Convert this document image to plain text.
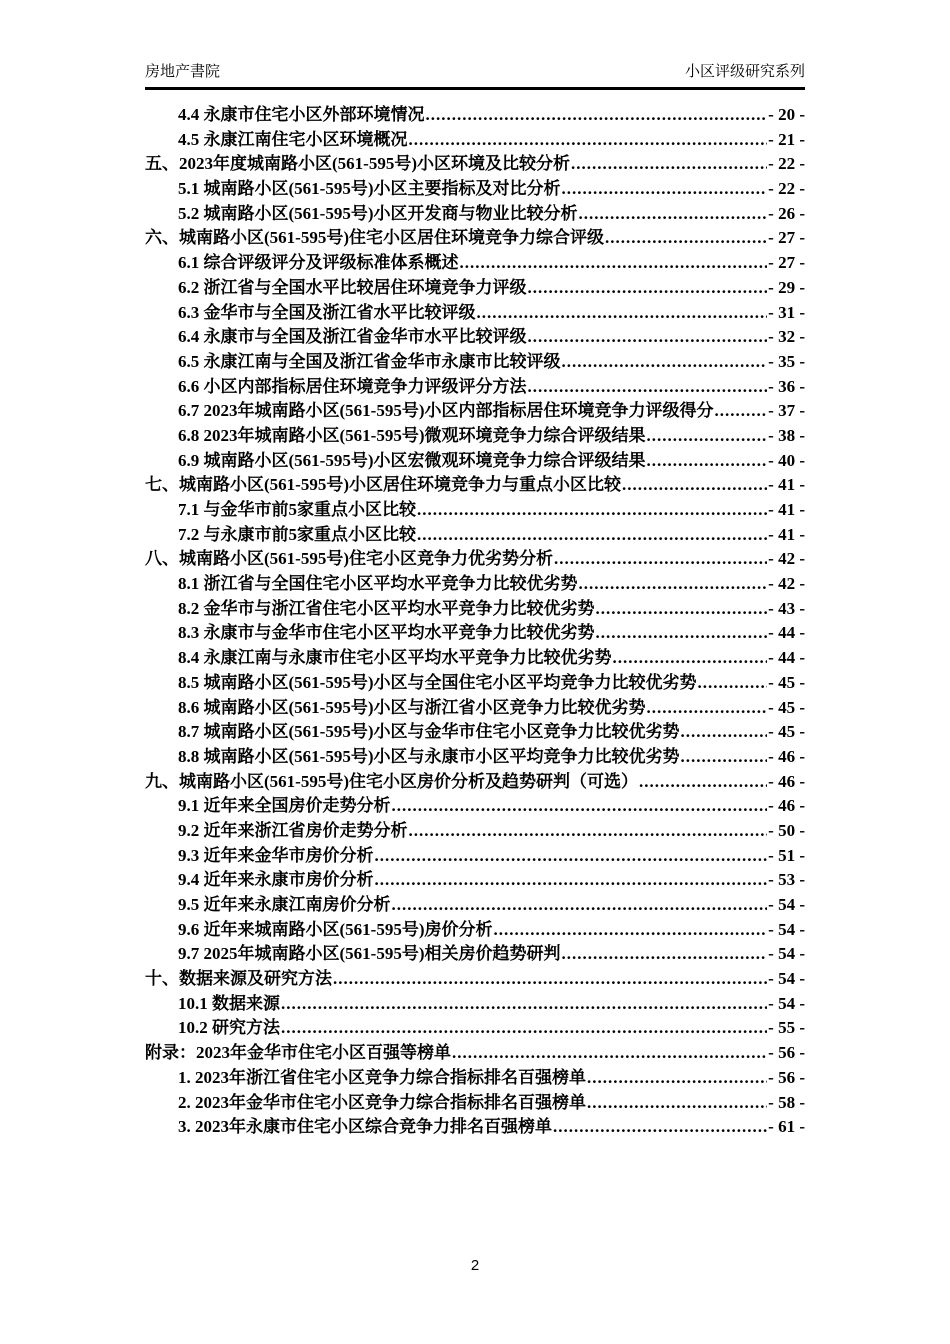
房地产書院	小区评级研究系列
4.4 永康市住宅小区外部环境情况 .....	- 20 -
4.5 永康江南住宅小区环境概况 .....	- 21 -
五、2023年度城南路小区(561-595号)小区环境及比较分析 .....	- 22 -
5.1 城南路小区(561-595号)小区主要指标及对比分析 .....	- 22 -
5.2 城南路小区(561-595号)小区开发商与物业比较分析 .....	- 26 -
六、城南路小区(561-595号)住宅小区居住环境竞争力综合评级 .....	- 27 -
6.1 综合评级评分及评级标准体系概述 .....	- 27 -
6.2 浙江省与全国水平比较居住环境竞争力评级 .....	- 29 -
6.3 金华市与全国及浙江省水平比较评级 .....	- 31 -
6.4 永康市与全国及浙江省金华市水平比较评级 .....	- 32 -
6.5 永康江南与全国及浙江省金华市永康市比较评级 .....	- 35 -
6.6 小区内部指标居住环境竞争力评级评分方法 .....	- 36 -
6.7 2023年城南路小区(561-595号)小区内部指标居住环境竞争力评级得分 .....	- 37 -
6.8 2023年城南路小区(561-595号)微观环境竞争力综合评级结果 .....	- 38 -
6.9 城南路小区(561-595号)小区宏微观环境竞争力综合评级结果 .....	- 40 -
七、城南路小区(561-595号)小区居住环境竞争力与重点小区比较 .....	- 41 -
7.1 与金华市前5家重点小区比较 .....	- 41 -
7.2 与永康市前5家重点小区比较 .....	- 41 -
八、城南路小区(561-595号)住宅小区竞争力优劣势分析 .....	- 42 -
8.1 浙江省与全国住宅小区平均水平竞争力比较优劣势 .....	- 42 -
8.2 金华市与浙江省住宅小区平均水平竞争力比较优劣势 .....	- 43 -
8.3 永康市与金华市住宅小区平均水平竞争力比较优劣势 .....	- 44 -
8.4 永康江南与永康市住宅小区平均水平竞争力比较优劣势 .....	- 44 -
8.5 城南路小区(561-595号)小区与全国住宅小区平均竞争力比较优劣势 .....	- 45 -
8.6 城南路小区(561-595号)小区与浙江省小区竞争力比较优劣势 .....	- 45 -
8.7 城南路小区(561-595号)小区与金华市住宅小区竞争力比较优劣势 .....	- 45 -
8.8 城南路小区(561-595号)小区与永康市小区平均竞争力比较优劣势 .....	- 46 -
九、城南路小区(561-595号)住宅小区房价分析及趋势研判（可选） .....	- 46 -
9.1 近年来全国房价走势分析 .....	- 46 -
9.2 近年来浙江省房价走势分析 .....	- 50 -
9.3 近年来金华市房价分析 .....	- 51 -
9.4 近年来永康市房价分析 .....	- 53 -
9.5 近年来永康江南房价分析 .....	- 54 -
9.6 近年来城南路小区(561-595号)房价分析 .....	- 54 -
9.7 2025年城南路小区(561-595号)相关房价趋势研判 .....	- 54 -
十、数据来源及研究方法 .....	- 54 -
10.1 数据来源 .....	- 54 -
10.2 研究方法 .....	- 55 -
附录：2023年金华市住宅小区百强等榜单 .....	- 56 -
1. 2023年浙江省住宅小区竞争力综合指标排名百强榜单 .....	- 56 -
2. 2023年金华市住宅小区竞争力综合指标排名百强榜单 .....	- 58 -
3. 2023年永康市住宅小区综合竞争力排名百强榜单 .....	- 61 -
2
